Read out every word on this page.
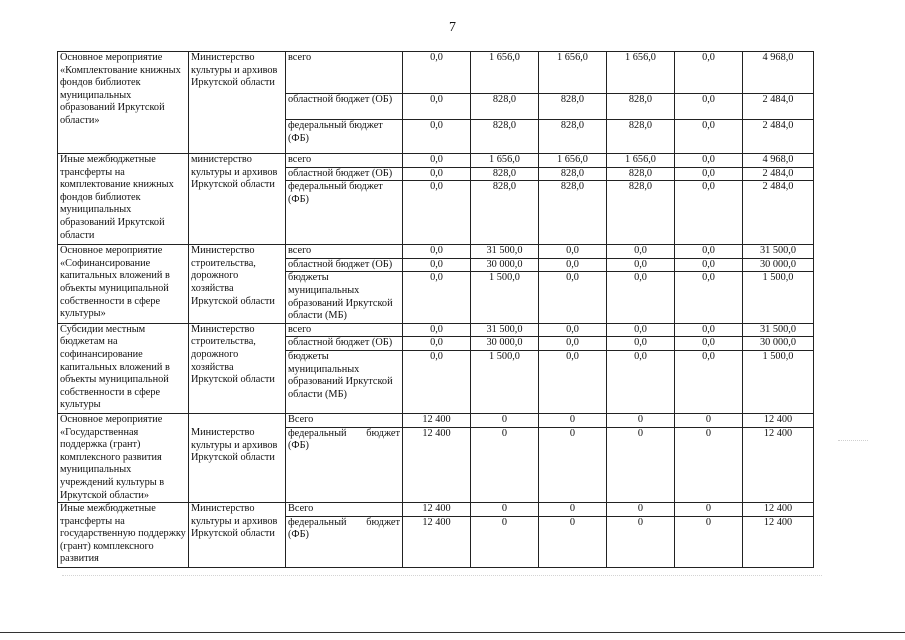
7
Основное мероприятие «Комплектование книжных фондов библиотек муниципальных образований Иркутской области»	Министерство культуры и архивов Иркутской области	всего	0,0	1 656,0	1 656,0	1 656,0	0,0	4 968,0
		областной бюджет (ОБ)	0,0	828,0	828,0	828,0	0,0	2 484,0
		федеральный бюджет (ФБ)	0,0	828,0	828,0	828,0	0,0	2 484,0
Иные межбюджетные трансферты на комплектование книжных фондов библиотек муниципальных образований Иркутской области	министерство культуры и архивов Иркутской области	всего	0,0	1 656,0	1 656,0	1 656,0	0,0	4 968,0
		областной бюджет (ОБ)	0,0	828,0	828,0	828,0	0,0	2 484,0
		федеральный бюджет (ФБ)	0,0	828,0	828,0	828,0	0,0	2 484,0
Основное мероприятие «Софинансирование капитальных вложений в объекты муниципальной собственности в сфере культуры»	Министерство строительства, дорожного хозяйства Иркутской области	всего	0,0	31 500,0	0,0	0,0	0,0	31 500,0
		областной бюджет (ОБ)	0,0	30 000,0	0,0	0,0	0,0	30 000,0
		бюджеты муниципальных образований Иркутской области (МБ)	0,0	1 500,0	0,0	0,0	0,0	1 500,0
Субсидии местным бюджетам на софинансирование капитальных вложений в объекты муниципальной собственности в сфере культуры	Министерство строительства, дорожного хозяйства Иркутской области	всего	0,0	31 500,0	0,0	0,0	0,0	31 500,0
		областной бюджет (ОБ)	0,0	30 000,0	0,0	0,0	0,0	30 000,0
		бюджеты муниципальных образований Иркутской области (МБ)	0,0	1 500,0	0,0	0,0	0,0	1 500,0
Основное мероприятие «Государственная поддержка (грант) комплексного развития муниципальных учреждений культуры в Иркутской области»	Министерство культуры и архивов Иркутской области	Всего	12 400	0	0	0	0	12 400
		федеральный бюджет (ФБ)	12 400	0	0	0	0	12 400
Иные межбюджетные трансферты на государственную поддержку (грант) комплексного развития	Министерство культуры и архивов Иркутской области	Всего	12 400	0	0	0	0	12 400
		федеральный бюджет (ФБ)	12 400	0	0	0	0	12 400
